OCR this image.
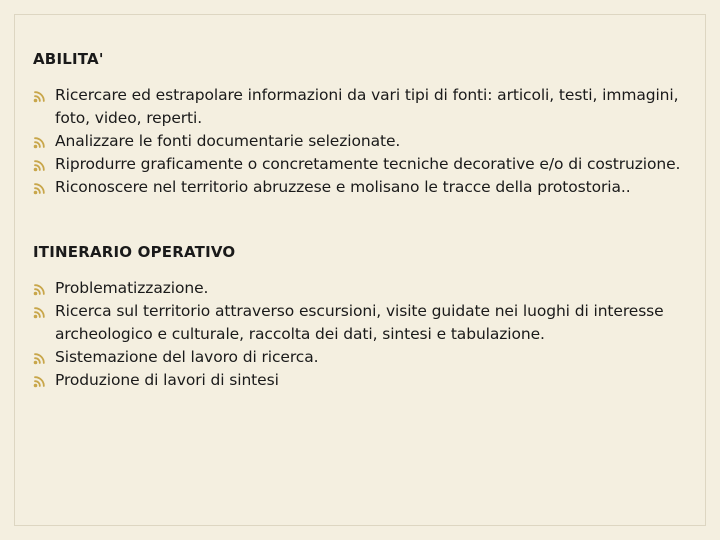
ABILITA'
Ricercare ed estrapolare informazioni da vari tipi di fonti: articoli, testi, immagini, foto, video, reperti.
Analizzare le fonti documentarie selezionate.
Riprodurre graficamente o concretamente tecniche decorative e/o di costruzione.
Riconoscere nel territorio abruzzese e molisano le tracce della protostoria..
ITINERARIO OPERATIVO
Problematizzazione.
Ricerca sul territorio attraverso escursioni, visite guidate nei luoghi di interesse archeologico e culturale, raccolta dei dati, sintesi e tabulazione.
Sistemazione del lavoro di ricerca.
Produzione di lavori di sintesi
